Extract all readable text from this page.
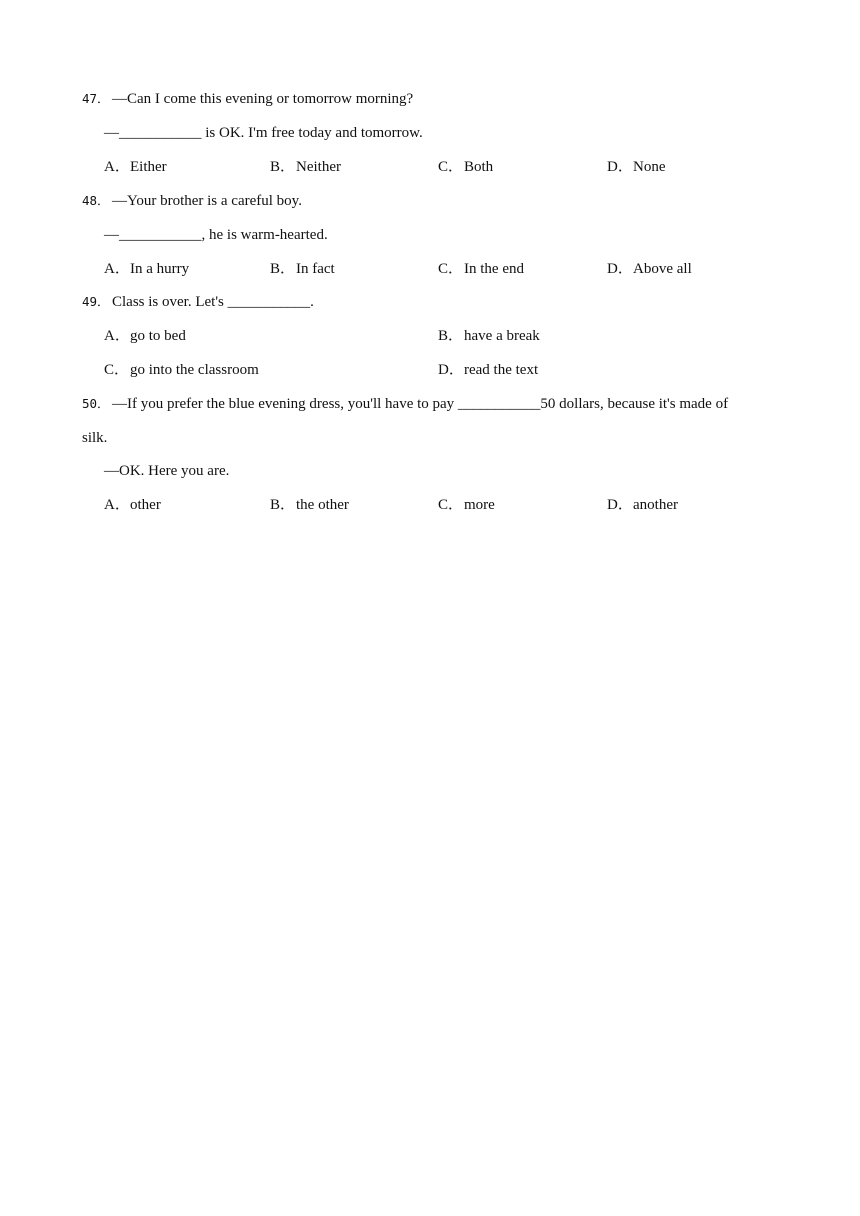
47． —Can I come this evening or tomorrow morning?
—___________ is OK. I'm free today and tomorrow.
A．Either	B．Neither	C．Both	D．None
48． —Your brother is a careful boy.
—___________, he is warm-hearted.
A．In a hurry	B．In fact	C．In the end	D．Above all
49． Class is over. Let's ___________.
A．go to bed	B．have a break
C．go into the classroom	D．read the text
50． —If you prefer the blue evening dress, you'll have to pay ___________50 dollars, because it's made of
silk.
—OK. Here you are.
A．other	B．the other	C．more	D．another
